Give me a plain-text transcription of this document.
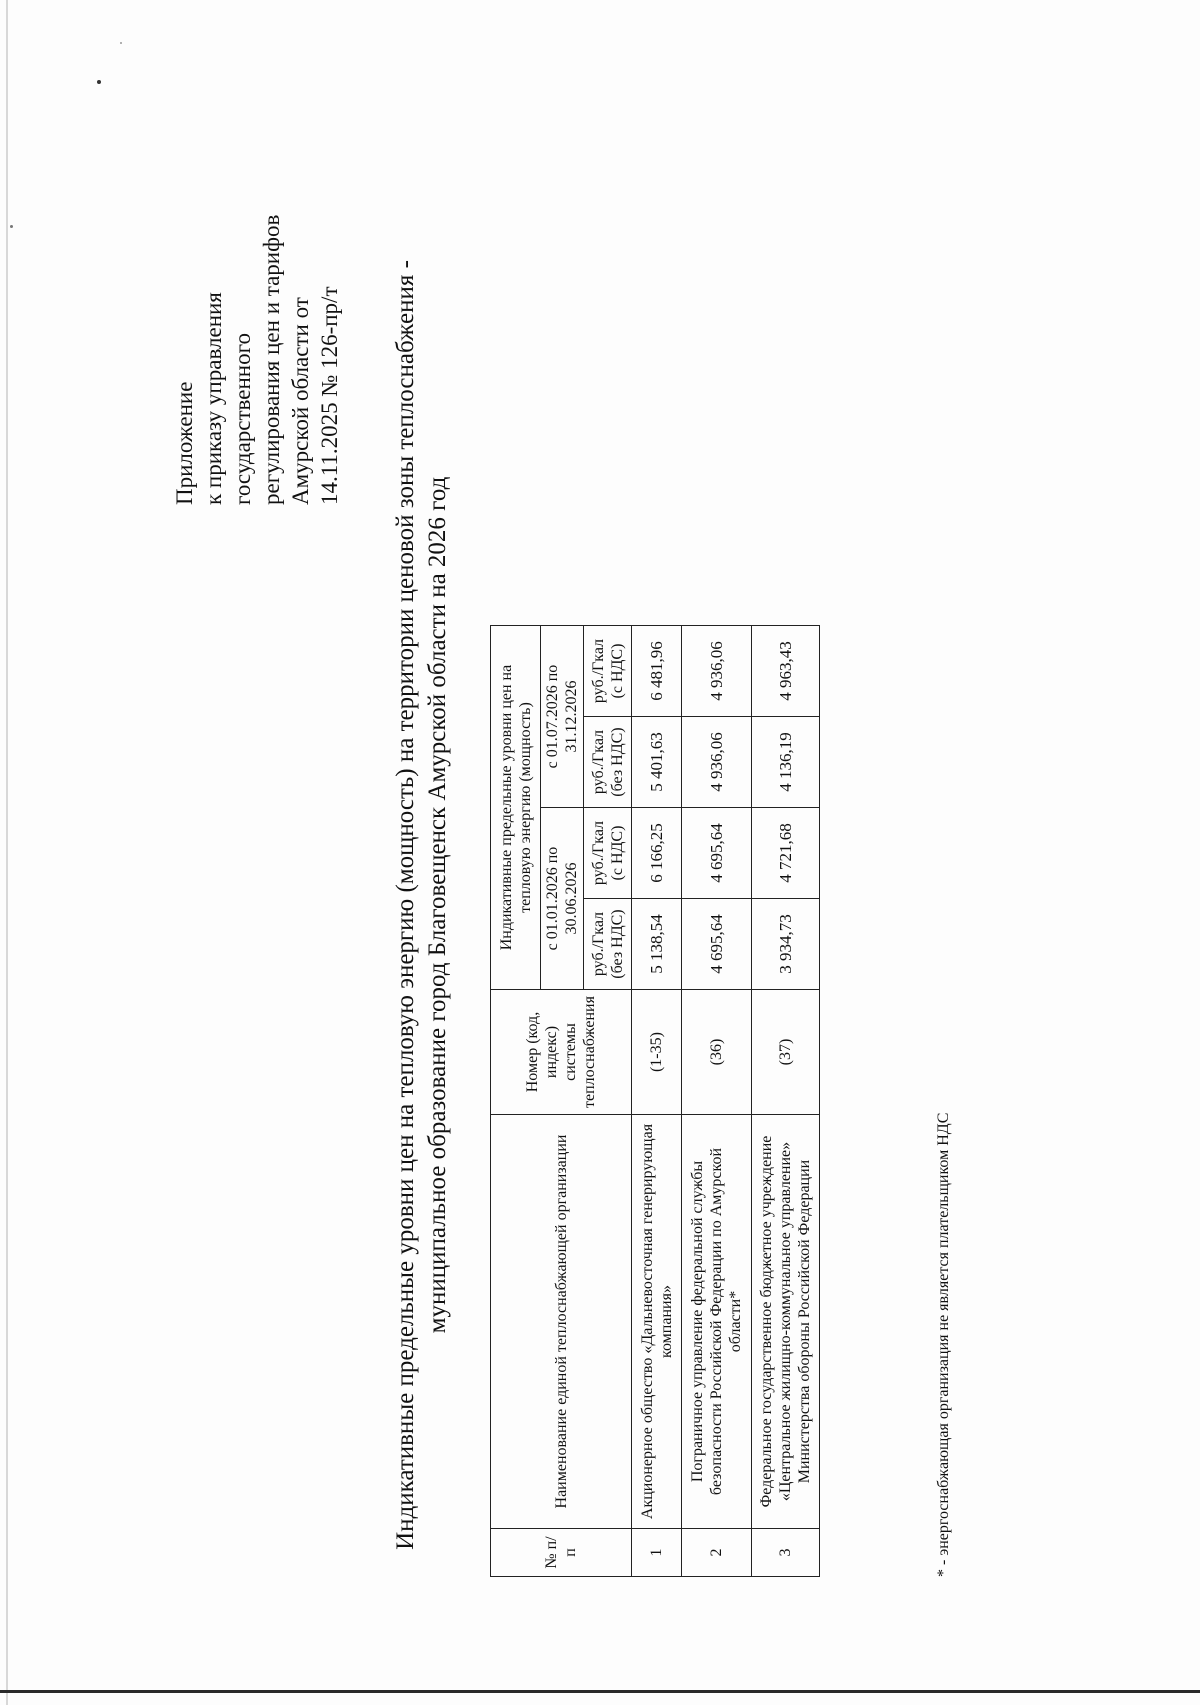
Приложение к приказу управления государственного регулирования цен и тарифов Амурской области от 14.11.2025 № 126-пр/т Индикативные предельные уровни цен на тепловую энергию (мощность) на территории ценовой зоны теплоснабжения - муниципальное образование город Благовещенск Амурской области на 2026 год
№ п/п	Наименование единой теплоснабжающей организации	Номер (код, индекс) системы теплоснабжения	Индикативные предельные уровни цен на тепловую энергию (мощность)			
			с 01.01.2026 по 30.06.2026		с 01.07.2026 по 31.12.2026	
			руб./Гкал (без НДС)	руб./Гкал (с НДС)	руб./Гкал (без НДС)	руб./Гкал (с НДС)
1	Акционерное общество «Дальневосточная генерирующая компания»	(1-35)	5 138,54	6 166,25	5 401,63	6 481,96
2	Пограничное управление федеральной службы безопасности Российской Федерации по Амурской области*	(36)	4 695,64	4 695,64	4 936,06	4 936,06
3	Федеральное государственное бюджетное учреждение «Центральное жилищно-коммунальное управление» Министерства обороны Российской Федерации	(37)	3 934,73	4 721,68	4 136,19	4 963,43
* - энергоснабжающая организация не является плательщиком НДС
